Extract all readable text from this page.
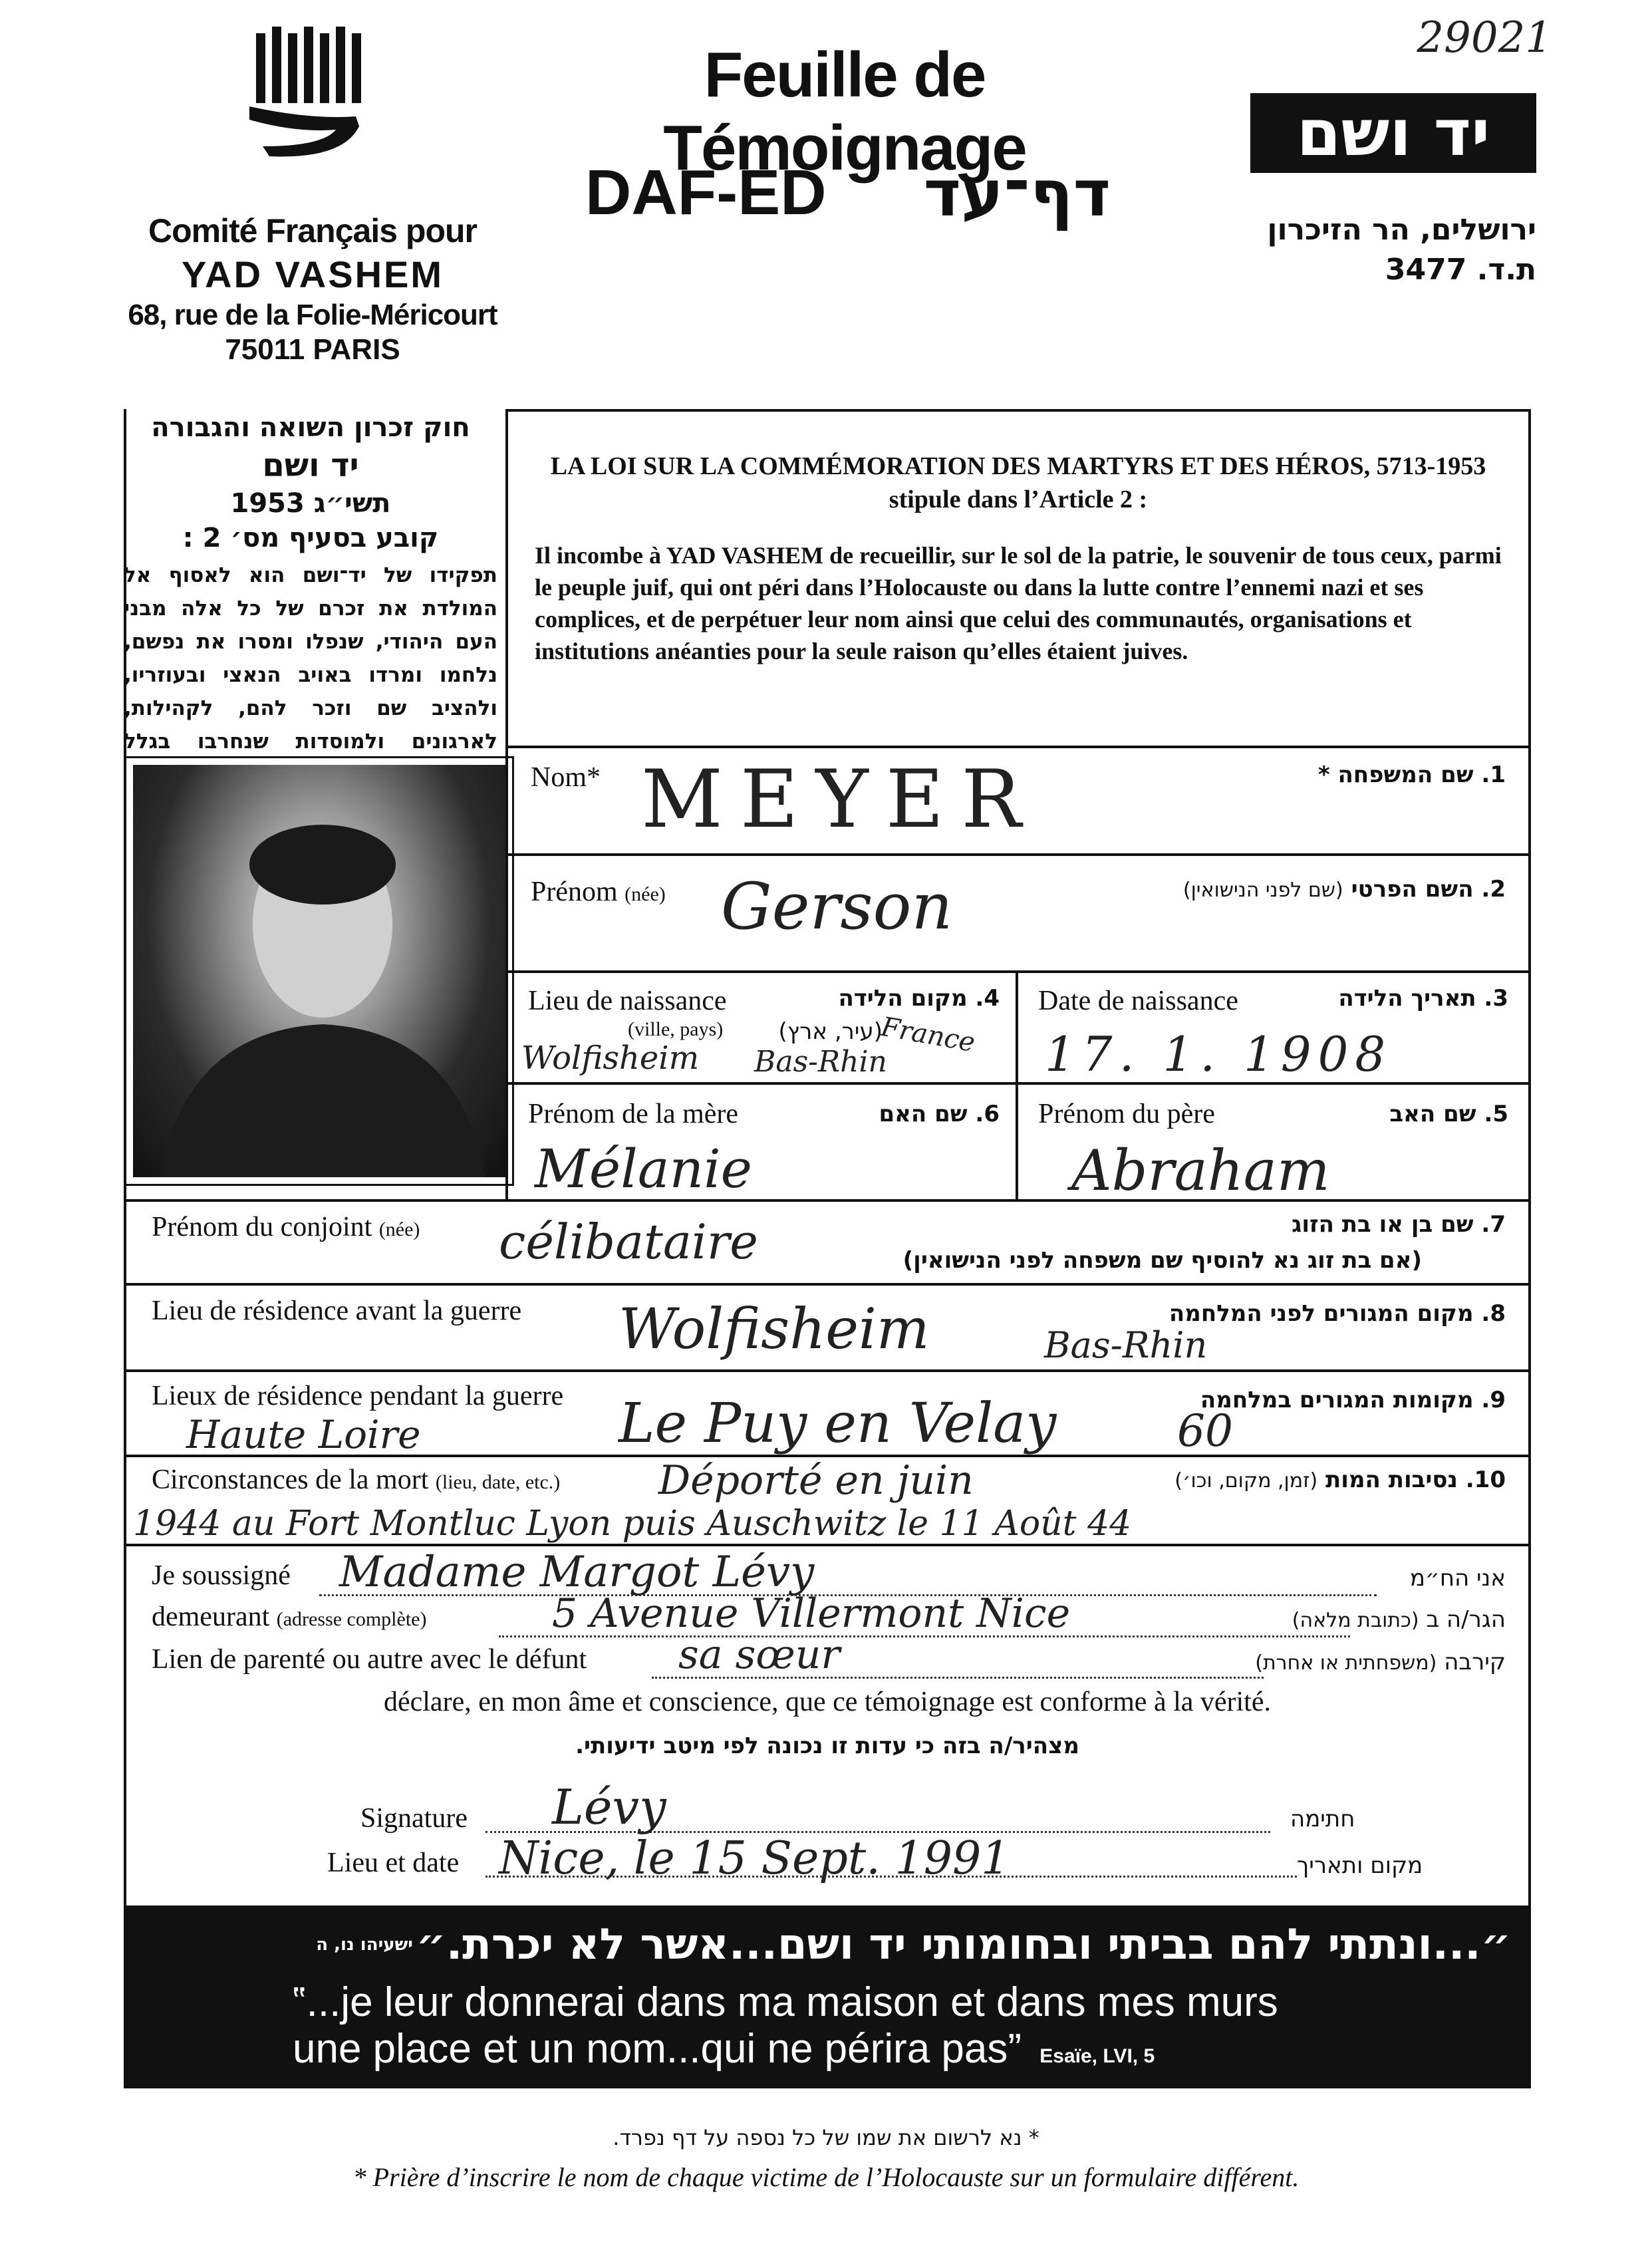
29021
Comité Français pour
YAD VASHEM
68, rue de la Folie-Méricourt
75011 PARIS
Feuille de Témoignage
DAF-ED	דף־עד
יד ושם
ירושלים, הר הזיכרון
ת.ד. 3477
חוק זכרון השואה והגבורה
יד ושם
תשי״ג 1953
קובע בסעיף מס׳ 2 :
תפקידו של יד־ושם הוא לאסוף אל המולדת את זכרם של כל אלה מבני העם היהודי, שנפלו ומסרו את נפשם, נלחמו ומרדו באויב הנאצי ובעוזריו, ולהציב שם וזכר להם, לקהילות, לארגונים ולמוסדות שנחרבו בגלל
LA LOI SUR LA COMMÉMORATION DES MARTYRS ET DES HÉROS, 5713-1953
stipule dans l’Article 2 :
Il incombe à YAD VASHEM de recueillir, sur le sol de la patrie, le souvenir de tous ceux, parmi le peuple juif, qui ont péri dans l’Holocauste ou dans la lutte contre l’ennemi nazi et ses complices, et de perpétuer leur nom ainsi que celui des communautés, organisations et institutions anéanties pour la seule raison qu’elles étaient juives.
Nom*	1. שם המשפחה *
MEYER
Prénom (née)	2. השם הפרטי (שם לפני הנישואין)
Gerson
Lieu de naissance
(ville, pays)
4. מקום הלידה
(עיר, ארץ)
Wolfisheim Bas-Rhin
France
Date de naissance	3. תאריך הלידה
17. 1. 1908
Prénom de la mère	6. שם האם
Mélanie
Prénom du père	5. שם האב
Abraham
Prénom du conjoint (née)	7. שם בן או בת הזוג
(אם בת זוג נא להוסיף שם משפחה לפני הנישואין)
célibataire
Lieu de résidence avant la guerre	8. מקום המגורים לפני המלחמה
Wolfisheim	Bas-Rhin
Lieux de résidence pendant la guerre	9. מקומות המגורים במלחמה
Haute Loire	Le Puy en Velay	60
Circonstances de la mort (lieu, date, etc.)	10. נסיבות המות (זמן, מקום, וכו׳)
Déporté en juin
1944 au Fort Montluc Lyon puis Auschwitz le 11 Août 44
Je soussigné	אני הח״מ
Madame Margot Lévy
demeurant (adresse complète)	הגר/ה ב (כתובת מלאה)
5 Avenue Villermont Nice
Lien de parenté ou autre avec le défunt	קירבה (משפחתית או אחרת)
sa sœur
déclare, en mon âme et conscience, que ce témoignage est conforme à la vérité.
מצהיר/ה בזה כי עדות זו נכונה לפי מיטב ידיעותי.
Signature	חתימה
Lévy
Lieu et date	מקום ותאריך
Nice, le 15 Sept. 1991
ישעיהו נו, ה ״...ונתתי להם בביתי ובחומותי יד ושם...אשר לא יכרת.״
‟...je leur donnerai dans ma maison et dans mes murs
une place et un nom...qui ne périra pas” Esaïe, LVI, 5
* נא לרשום את שמו של כל נספה על דף נפרד.
* Prière d’inscrire le nom de chaque victime de l’Holocauste sur un formulaire différent.
